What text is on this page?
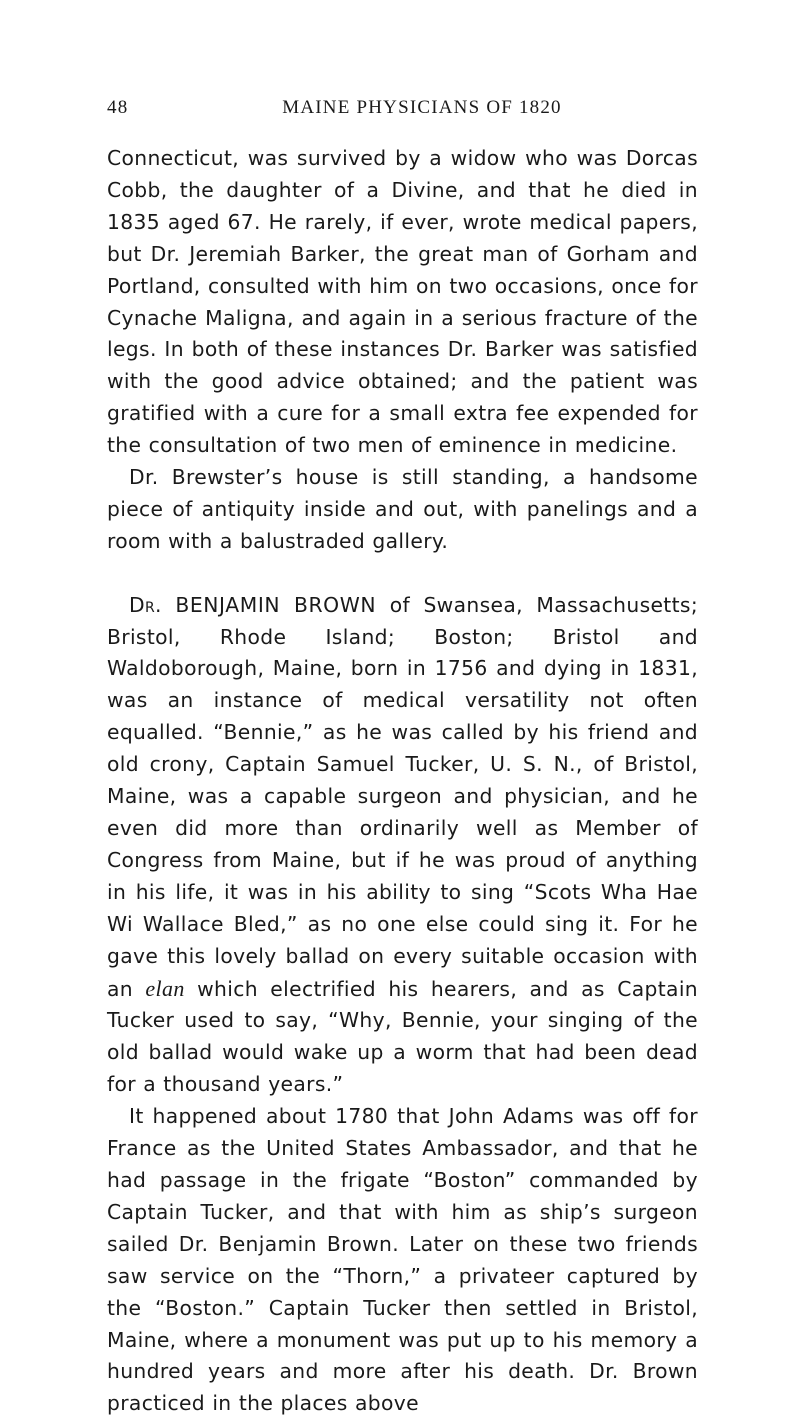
48	MAINE PHYSICIANS OF 1820

Connecticut, was survived by a widow who was Dorcas Cobb, the daughter of a Divine, and that he died in 1835 aged 67. He rarely, if ever, wrote medical papers, but Dr. Jeremiah Barker, the great man of Gorham and Portland, consulted with him on two occasions, once for Cynache Maligna, and again in a serious fracture of the legs. In both of these instances Dr. Barker was satisfied with the good advice obtained; and the patient was gratified with a cure for a small extra fee expended for the consultation of two men of eminence in medicine.

Dr. Brewster’s house is still standing, a handsome piece of antiquity inside and out, with panelings and a room with a balustraded gallery.

Dr. BENJAMIN BROWN of Swansea, Massachusetts; Bristol, Rhode Island; Boston; Bristol and Waldoborough, Maine, born in 1756 and dying in 1831, was an instance of medical versatility not often equalled. “Bennie,” as he was called by his friend and old crony, Captain Samuel Tucker, U. S. N., of Bristol, Maine, was a capable surgeon and physician, and he even did more than ordinarily well as Member of Congress from Maine, but if he was proud of anything in his life, it was in his ability to sing “Scots Wha Hae Wi Wallace Bled,” as no one else could sing it. For he gave this lovely ballad on every suitable occasion with an elan which electrified his hearers, and as Captain Tucker used to say, “Why, Bennie, your singing of the old ballad would wake up a worm that had been dead for a thousand years.”

It happened about 1780 that John Adams was off for France as the United States Ambassador, and that he had passage in the frigate “Boston” commanded by Captain Tucker, and that with him as ship’s surgeon sailed Dr. Benjamin Brown. Later on these two friends saw service on the “Thorn,” a privateer captured by the “Boston.” Captain Tucker then settled in Bristol, Maine, where a monument was put up to his memory a hundred years and more after his death. Dr. Brown practiced in the places above
